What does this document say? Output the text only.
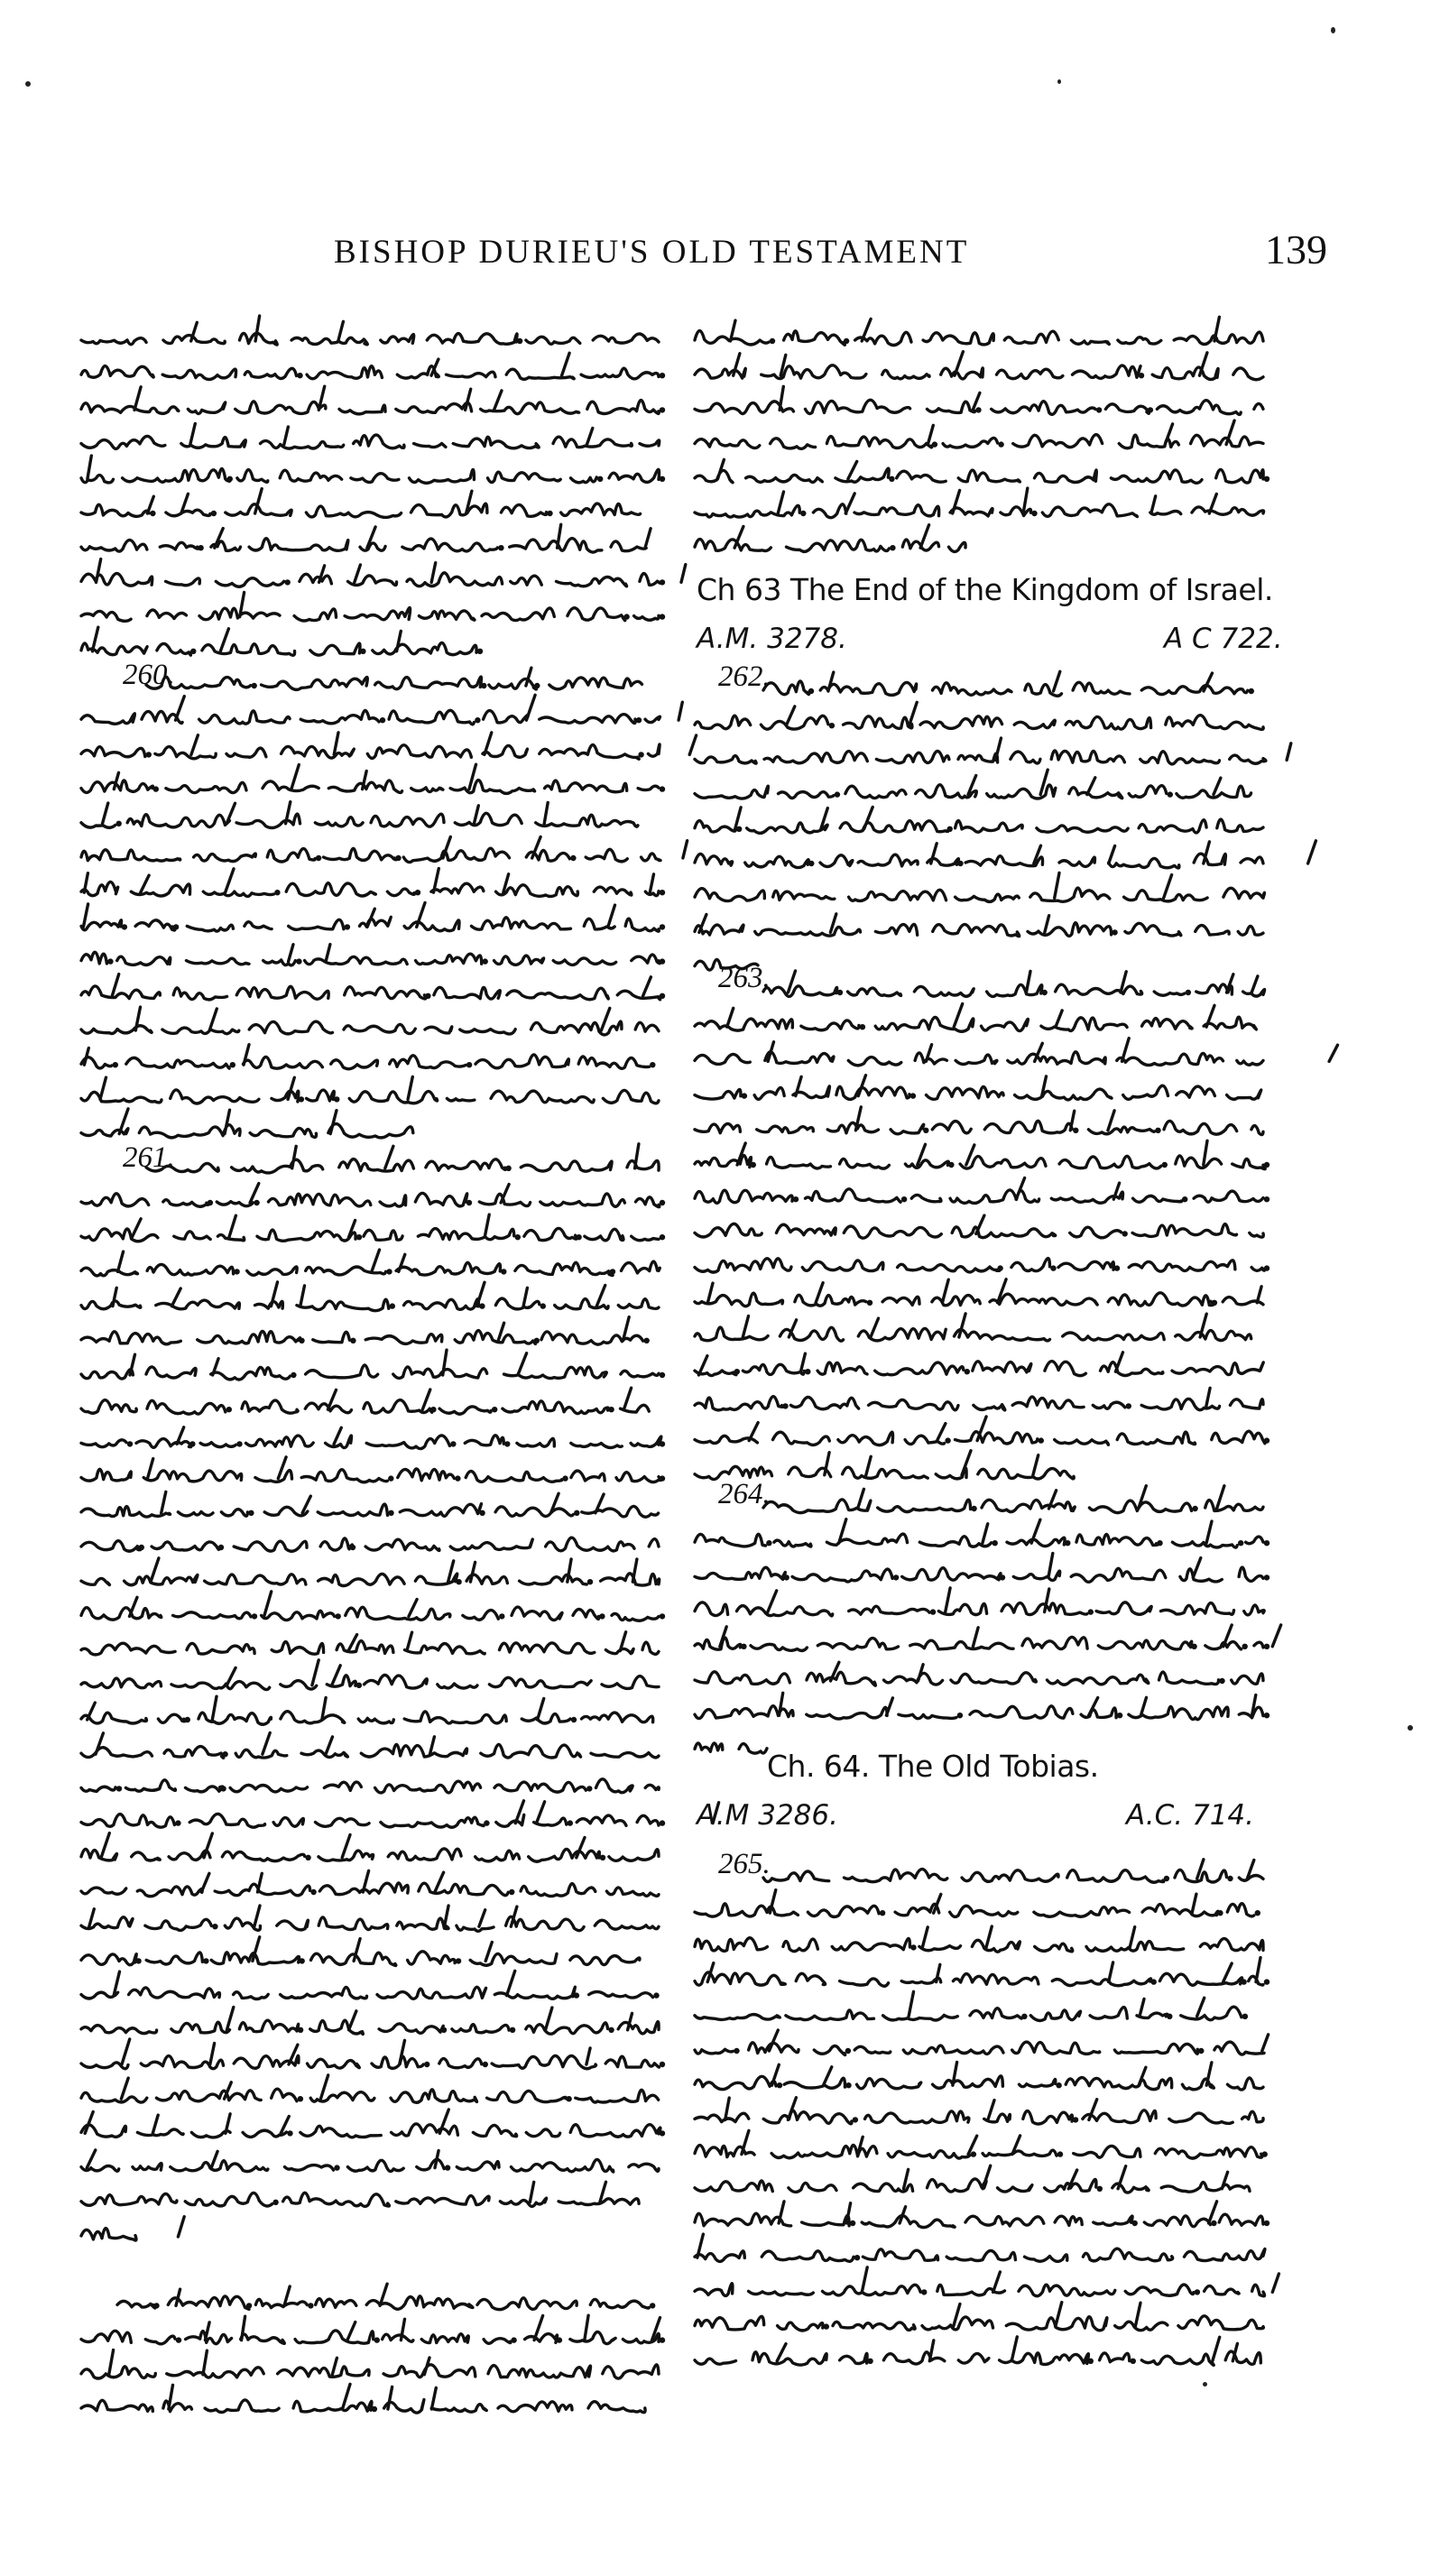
BISHOP DURIEU'S OLD TESTAMENT	139
260.
261.
Ch 63 The End of the Kingdom of Israel.
A.M. 3278.	A C 722.
262.
263.
264.
Ch. 64. The Old Tobias.
A.M 3286.	A.C. 714.
265.
